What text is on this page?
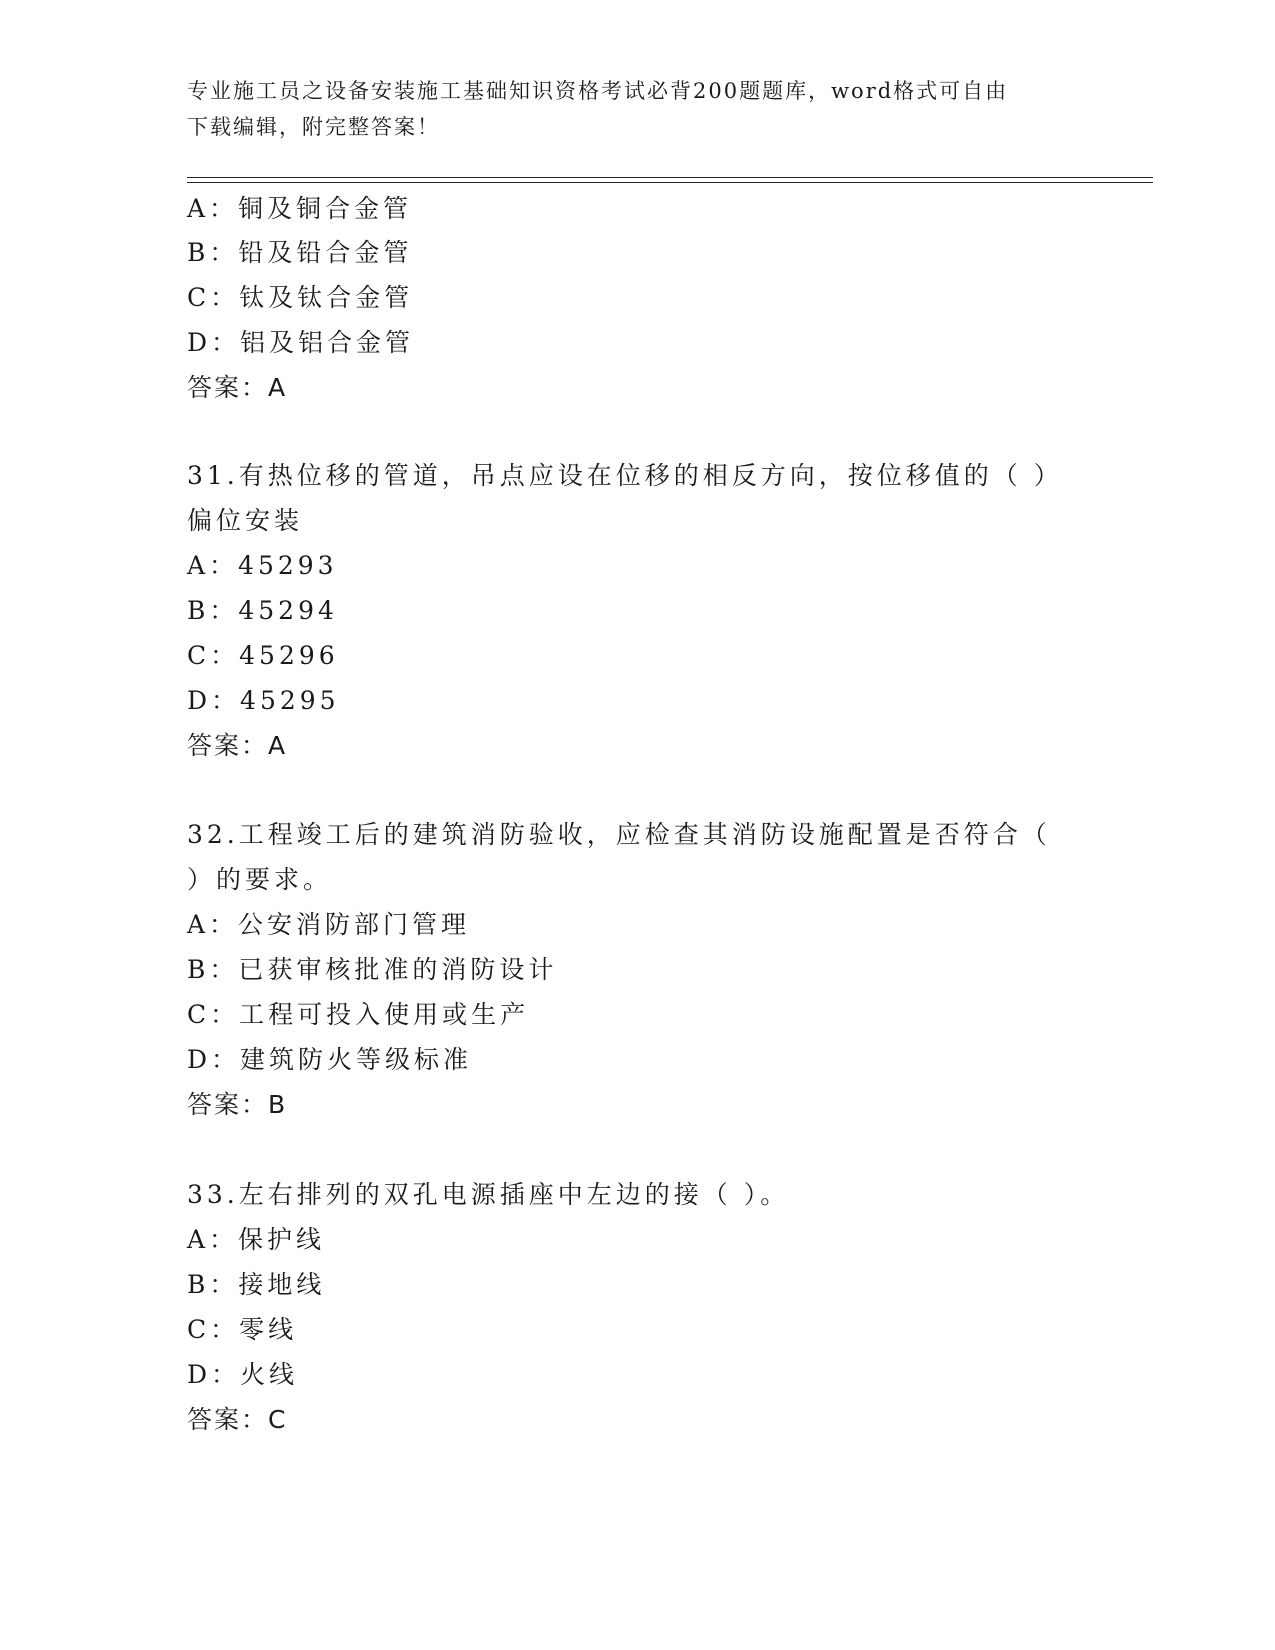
专业施工员之设备安装施工基础知识资格考试必背200题题库，word格式可自由
下载编辑，附完整答案！
A：铜及铜合金管
B：铅及铅合金管
C：钛及钛合金管
D：铝及铝合金管
答案：A
31.有热位移的管道，吊点应设在位移的相反方向，按位移值的（ ）
偏位安装
A：45293
B：45294
C：45296
D：45295
答案：A
32.工程竣工后的建筑消防验收，应检查其消防设施配置是否符合（
）的要求。
A：公安消防部门管理
B：已获审核批准的消防设计
C：工程可投入使用或生产
D：建筑防火等级标准
答案：B
33.左右排列的双孔电源插座中左边的接（ ）。
A：保护线
B：接地线
C：零线
D：火线
答案：C
